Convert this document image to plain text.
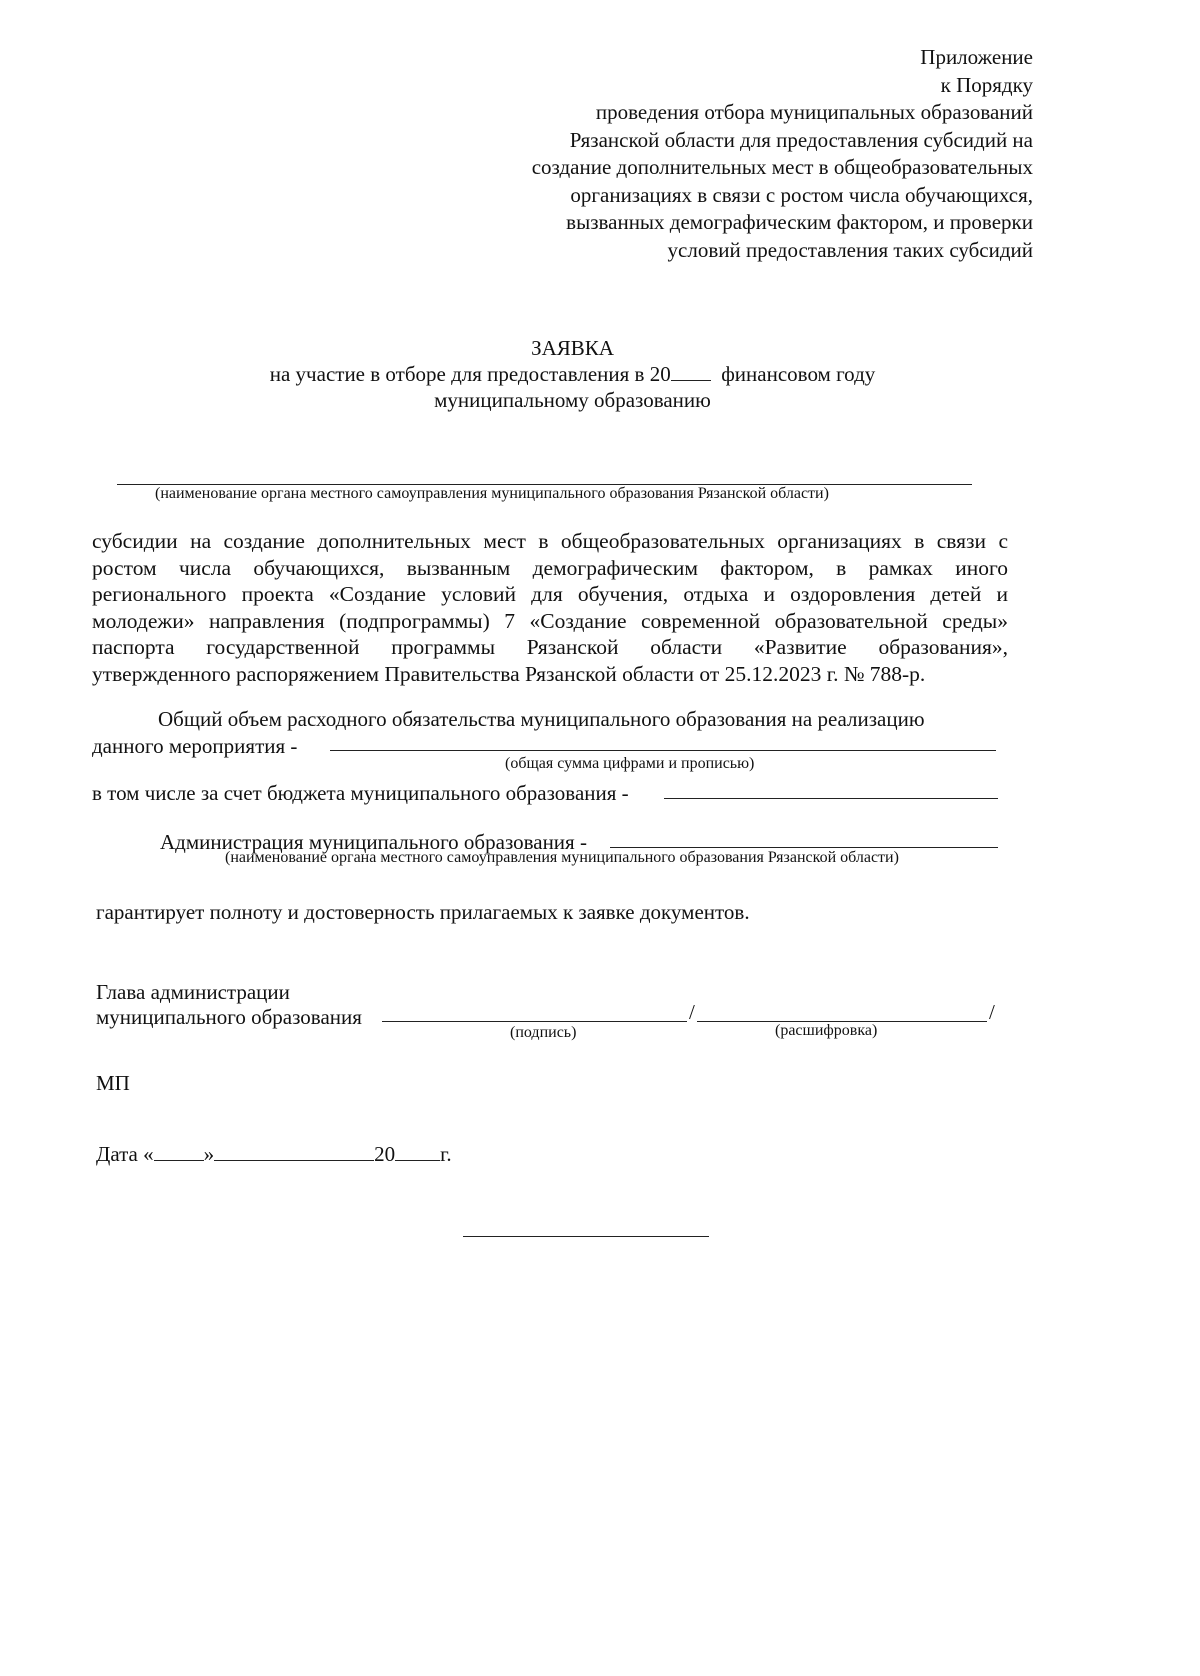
Приложение
к Порядку
проведения отбора муниципальных образований
Рязанской области для предоставления субсидий на
создание дополнительных мест в общеобразовательных
организациях в связи с ростом числа обучающихся,
вызванных демографическим фактором, и проверки
условий предоставления таких субсидий
ЗАЯВКА
на участие в отборе для предоставления в 20 финансовом году
муниципальному образованию
(наименование органа местного самоуправления муниципального образования Рязанской области)
субсидии на создание дополнительных мест в общеобразовательных организациях в связи с
ростом числа обучающихся, вызванным демографическим фактором, в рамках иного
регионального проекта «Создание условий для обучения, отдыха и оздоровления детей и
молодежи» направления (подпрограммы) 7 «Создание современной образовательной среды»
паспорта государственной программы Рязанской области «Развитие образования»,
утвержденного распоряжением Правительства Рязанской области от 25.12.2023 г. № 788-р.
Общий объем расходного обязательства муниципального образования на реализацию
данного мероприятия -
(общая сумма цифрами и прописью)
в том числе за счет бюджета муниципального образования -
Администрация муниципального образования -
(наименование органа местного самоуправления муниципального образования Рязанской области)
гарантирует полноту и достоверность прилагаемых к заявке документов.
Глава администрации
муниципального образования	/	/
(подпись)	(расшифровка)
МП
Дата « »	20 г.
